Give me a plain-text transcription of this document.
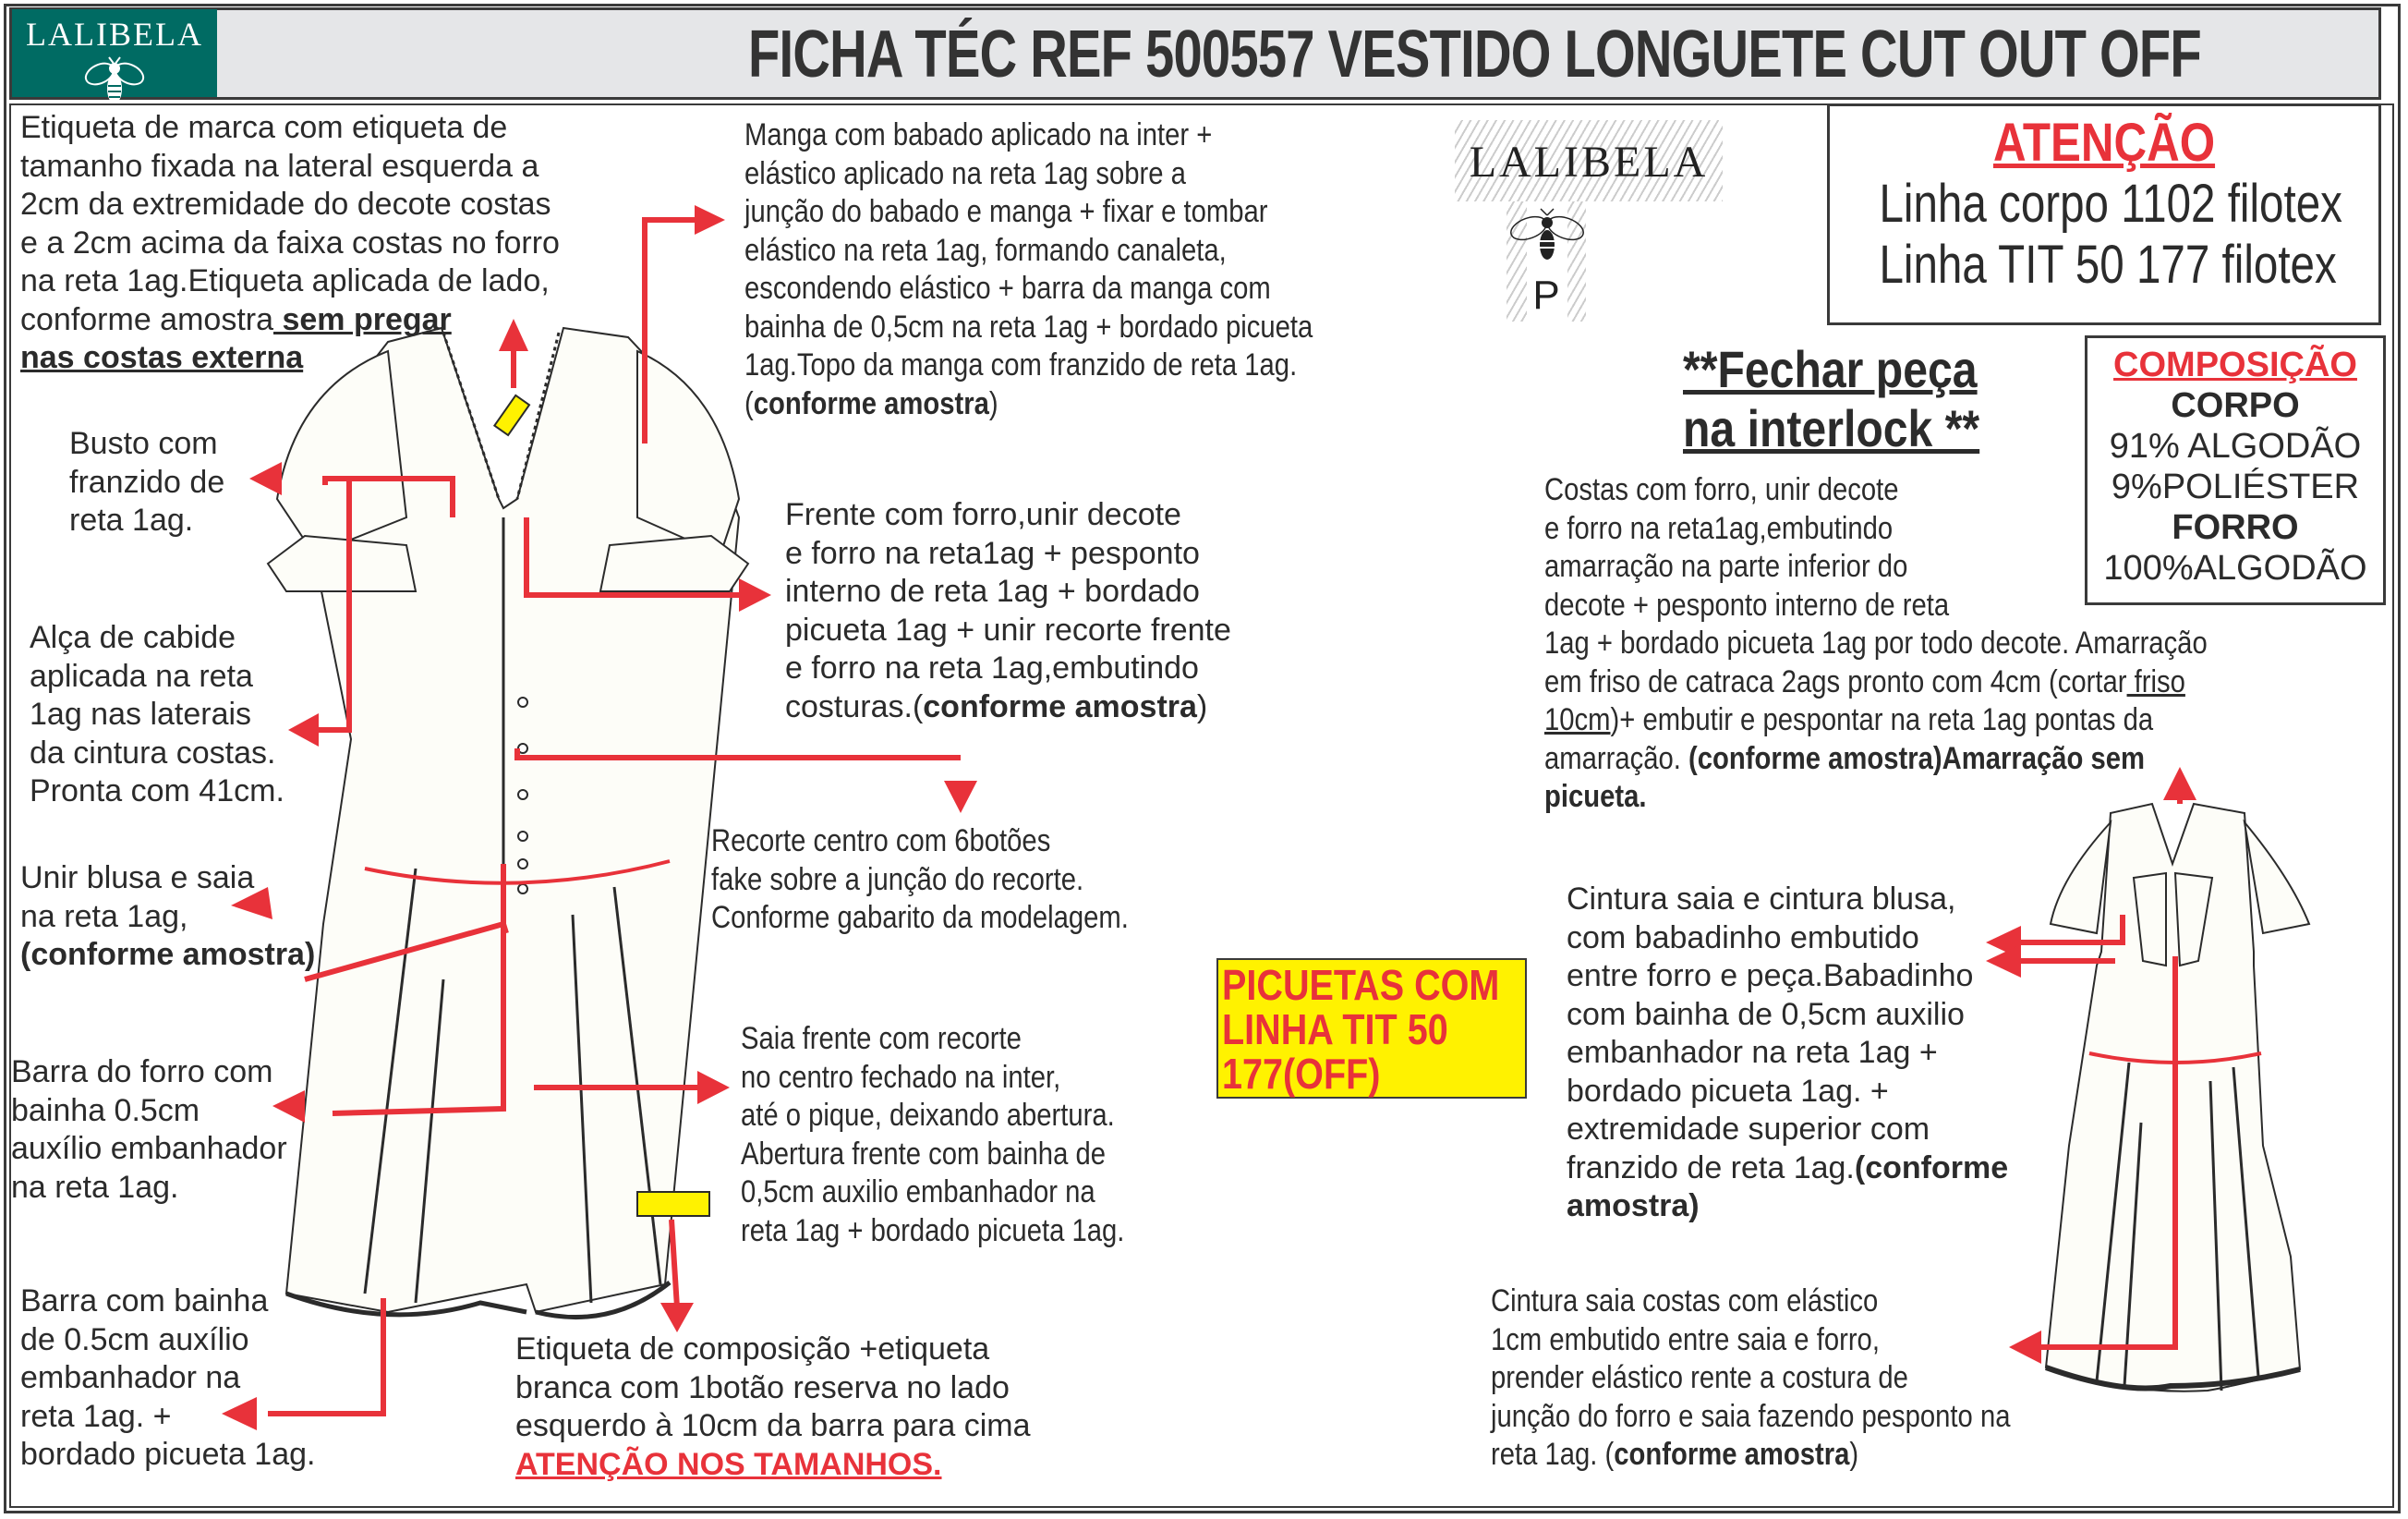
LALIBELA	FICHA TÉC REF 500557 VESTIDO LONGUETE CUT OUT OFF
LALIBELA
P
ATENÇÃO
Linha corpo 1102 filotex
Linha TIT 50 177 filotex
**Fechar peça
na interlock **
COMPOSIÇÃO
CORPO
91% ALGODÃO
9%POLIÉSTER
FORRO
100%ALGODÃO
PICUETAS COM
LINHA TIT 50
177(OFF)
Etiqueta de marca com etiqueta de
tamanho fixada na lateral esquerda a
2cm da extremidade do decote costas
e a 2cm acima da faixa costas no forro
na reta 1ag.Etiqueta aplicada de lado,
conforme amostra sem pregar
nas costas externa
Manga com babado aplicado na inter +
elástico aplicado na reta 1ag sobre a
junção do babado e manga + fixar e tombar
elástico na reta 1ag, formando canaleta,
escondendo elástico + barra da manga com
bainha de 0,5cm na reta 1ag + bordado picueta
1ag.Topo da manga com franzido de reta 1ag.
(conforme amostra)
Busto com
franzido de
reta 1ag.
Alça de cabide
aplicada na reta
1ag nas laterais
da cintura costas.
Pronta com 41cm.
Frente com forro,unir decote
e forro na reta1ag + pesponto
interno de reta 1ag + bordado
picueta 1ag + unir recorte frente
e forro na reta 1ag,embutindo
costuras.(conforme amostra)
Costas com forro, unir decote
e forro na reta1ag,embutindo
amarração na parte inferior do
decote + pesponto interno de reta
1ag + bordado picueta 1ag por todo decote. Amarração
em friso de catraca 2ags pronto com 4cm (cortar friso
10cm)+ embutir e pespontar na reta 1ag pontas da
amarração. (conforme amostra)Amarração sem
picueta.
Unir blusa e saia
na reta 1ag,
(conforme amostra)
Recorte centro com 6botões
fake sobre a junção do recorte.
Conforme gabarito da modelagem.
Barra do forro com
bainha 0.5cm
auxílio embanhador
na reta 1ag.
Saia frente com recorte
no centro fechado na inter,
até o pique, deixando abertura.
Abertura frente com bainha de
0,5cm auxilio embanhador na
reta 1ag + bordado picueta 1ag.
Barra com bainha
de 0.5cm auxílio
embanhador na
reta 1ag. +
bordado picueta 1ag.
Etiqueta de composição +etiqueta
branca com 1botão reserva no lado
esquerdo à 10cm da barra para cima
ATENÇÃO NOS TAMANHOS.
Cintura saia e cintura blusa,
com babadinho embutido
entre forro e peça.Babadinho
com bainha de 0,5cm auxilio
embanhador na reta 1ag +
bordado picueta 1ag. +
extremidade superior com
franzido de reta 1ag.(conforme
amostra)
Cintura saia costas com elástico
1cm embutido entre saia e forro,
prender elástico rente a costura de
junção do forro e saia fazendo pesponto na
reta 1ag. (conforme amostra)
